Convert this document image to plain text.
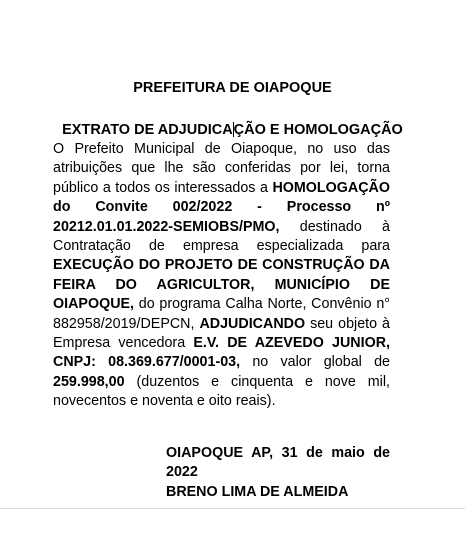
PREFEITURA DE OIAPOQUE
EXTRATO DE ADJUDICAÇÃO E HOMOLOGAÇÃO
O Prefeito Municipal de Oiapoque, no uso das atribuições que lhe são conferidas por lei, torna público a todos os interessados a HOMOLOGAÇÃO do Convite 002/2022 - Processo nº 20212.01.01.2022-SEMIOBS/PMO, destinado à Contratação de empresa especializada para EXECUÇÃO DO PROJETO DE CONSTRUÇÃO DA FEIRA DO AGRICULTOR, MUNICÍPIO DE OIAPOQUE, do programa Calha Norte, Convênio n° 882958/2019/DEPCN, ADJUDICANDO seu objeto à Empresa vencedora E.V. DE AZEVEDO JUNIOR, CNPJ: 08.369.677/0001-03, no valor global de 259.998,00 (duzentos e cinquenta e nove mil, novecentos e noventa e oito reais).
OIAPOQUE AP, 31 de maio de 2022
BRENO LIMA DE ALMEIDA
